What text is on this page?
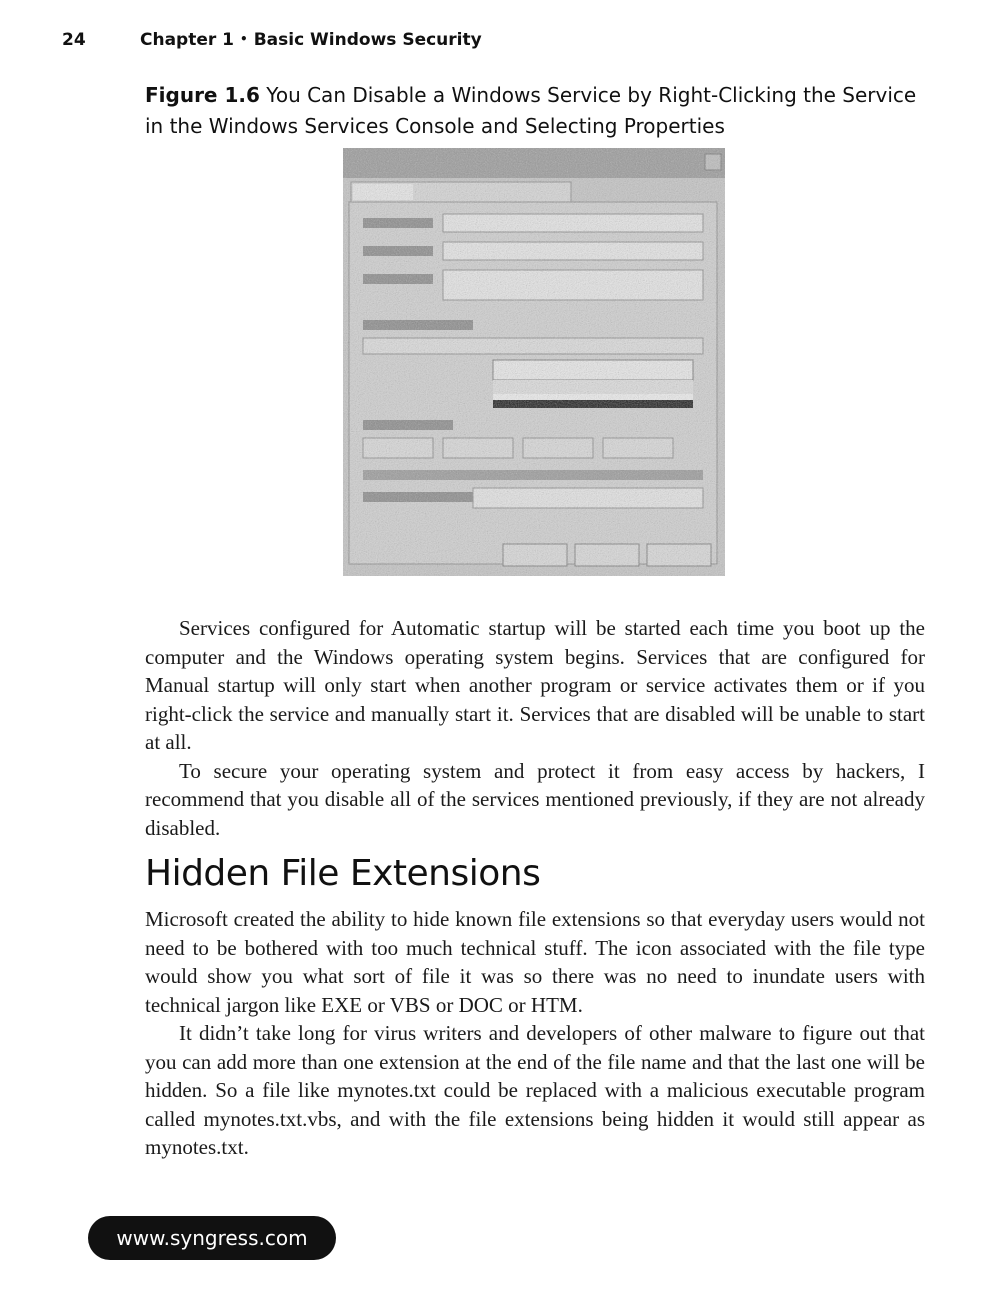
24	Chapter 1 • Basic Windows Security
Figure 1.6 You Can Disable a Windows Service by Right-Clicking the Service in the Windows Services Console and Selecting Properties

Services configured for Automatic startup will be started each time you boot up the computer and the Windows operating system begins. Services that are configured for Manual startup will only start when another program or service activates them or if you right-click the service and manually start it. Services that are disabled will be unable to start at all.

To secure your operating system and protect it from easy access by hackers, I recommend that you disable all of the services mentioned previously, if they are not already disabled.

Hidden File Extensions

Microsoft created the ability to hide known file extensions so that everyday users would not need to be bothered with too much technical stuff. The icon associated with the file type would show you what sort of file it was so there was no need to inundate users with technical jargon like EXE or VBS or DOC or HTM.

It didn’t take long for virus writers and developers of other malware to figure out that you can add more than one extension at the end of the file name and that the last one will be hidden. So a file like mynotes.txt could be replaced with a malicious executable program called mynotes.txt.vbs, and with the file extensions being hidden it would still appear as mynotes.txt.

www.syngress.com
